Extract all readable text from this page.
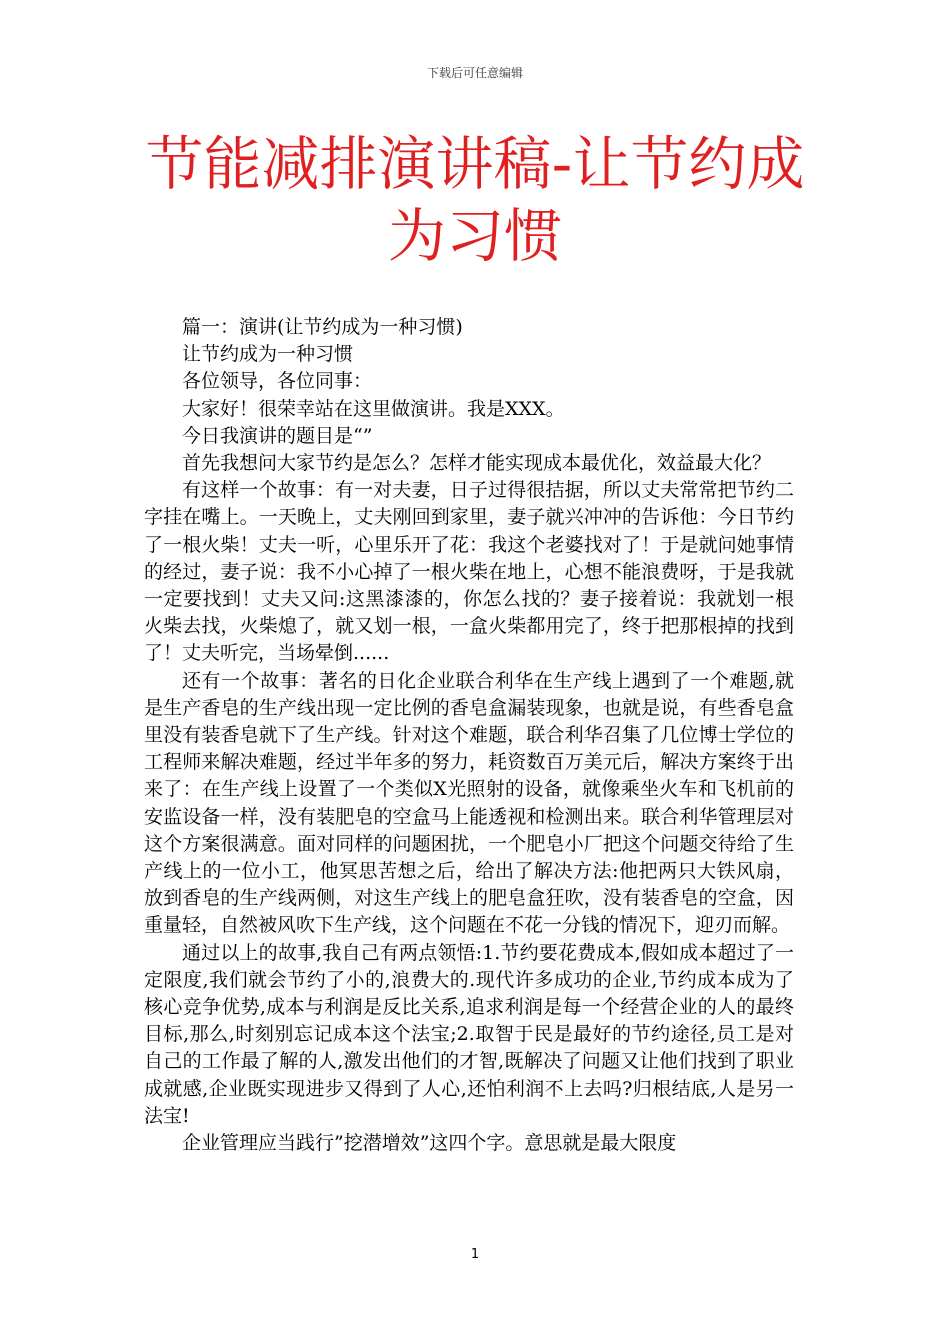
下载后可任意编辑
节能减排演讲稿-让节约成
为习惯

篇一：演讲(让节约成为一种习惯)

让节约成为一种习惯

各位领导，各位同事：

大家好！很荣幸站在这里做演讲。我是XXX。

今日我演讲的题目是“”

首先我想问大家节约是怎么？怎样才能实现成本最优化，效益最大化？

有这样一个故事：有一对夫妻，日子过得很拮据，所以丈夫常常把节约二字挂在嘴上。一天晚上，丈夫刚回到家里，妻子就兴冲冲的告诉他：今日节约了一根火柴！丈夫一听，心里乐开了花：我这个老婆找对了！于是就问她事情的经过，妻子说：我不小心掉了一根火柴在地上，心想不能浪费呀，于是我就一定要找到！丈夫又问:这黑漆漆的，你怎么找的？妻子接着说：我就划一根火柴去找，火柴熄了，就又划一根，一盒火柴都用完了，终于把那根掉的找到了！丈夫听完，当场晕倒......

还有一个故事：著名的日化企业联合利华在生产线上遇到了一个难题,就是生产香皂的生产线出现一定比例的香皂盒漏装现象，也就是说，有些香皂盒里没有装香皂就下了生产线。针对这个难题，联合利华召集了几位博士学位的工程师来解决难题，经过半年多的努力，耗资数百万美元后，解决方案终于出来了：在生产线上设置了一个类似X光照射的设备，就像乘坐火车和飞机前的安监设备一样，没有装肥皂的空盒马上能透视和检测出来。联合利华管理层对这个方案很满意。面对同样的问题困扰，一个肥皂小厂把这个问题交待给了生产线上的一位小工，他冥思苦想之后，给出了解决方法:他把两只大铁风扇，放到香皂的生产线两侧，对这生产线上的肥皂盒狂吹，没有装香皂的空盒，因重量轻，自然被风吹下生产线，这个问题在不花一分钱的情况下，迎刃而解。

通过以上的故事,我自己有两点领悟:1.节约要花费成本,假如成本超过了一定限度,我们就会节约了小的,浪费大的.现代许多成功的企业,节约成本成为了核心竞争优势,成本与利润是反比关系,追求利润是每一个经营企业的人的最终目标,那么,时刻别忘记成本这个法宝;2.取智于民是最好的节约途径,员工是对自己的工作最了解的人,激发出他们的才智,既解决了问题又让他们找到了职业成就感,企业既实现进步又得到了人心,还怕利润不上去吗?归根结底,人是另一法宝!

企业管理应当践行”挖潜增效”这四个字。意思就是最大限度

1
